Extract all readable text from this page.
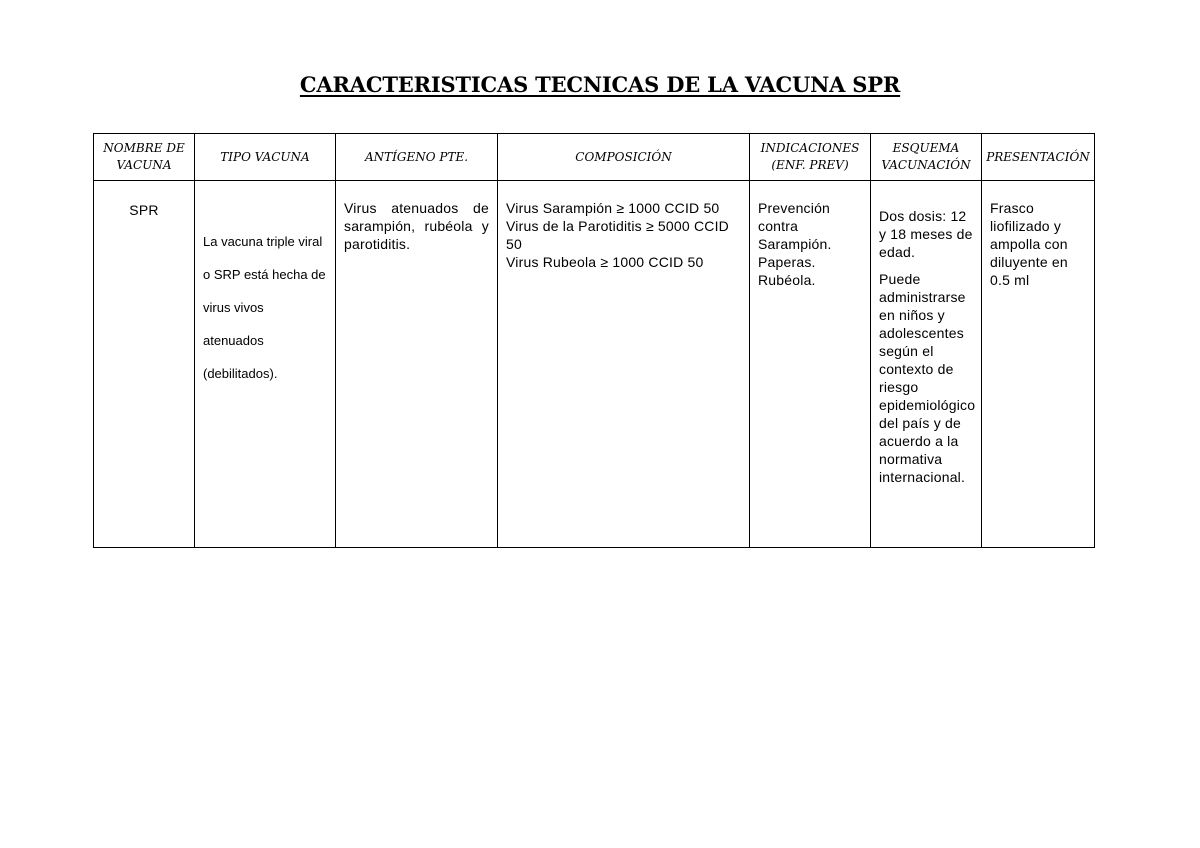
CARACTERISTICAS TECNICAS DE LA VACUNA SPR
NOMBRE DE VACUNA	TIPO VACUNA	ANTÍGENO PTE.	COMPOSICIÓN	INDICACIONES (ENF. PREV)	ESQUEMA VACUNACIÓN	PRESENTACIÓN
SPR	La vacuna triple viral o SRP está hecha de virus vivos atenuados (debilitados).	Virus atenuados de sarampión, rubéola y parotiditis.	Virus Sarampión ≥ 1000 CCID 50
Virus de la Parotiditis ≥ 5000 CCID 50
Virus Rubeola ≥ 1000 CCID 50	Prevención contra Sarampión. Paperas. Rubéola.	Dos dosis: 12 y 18 meses de edad.
Puede administrarse en niños y adolescentes según el contexto de riesgo epidemiológico del país y de acuerdo a la normativa internacional.	Frasco liofilizado y ampolla con diluyente en 0.5 ml
